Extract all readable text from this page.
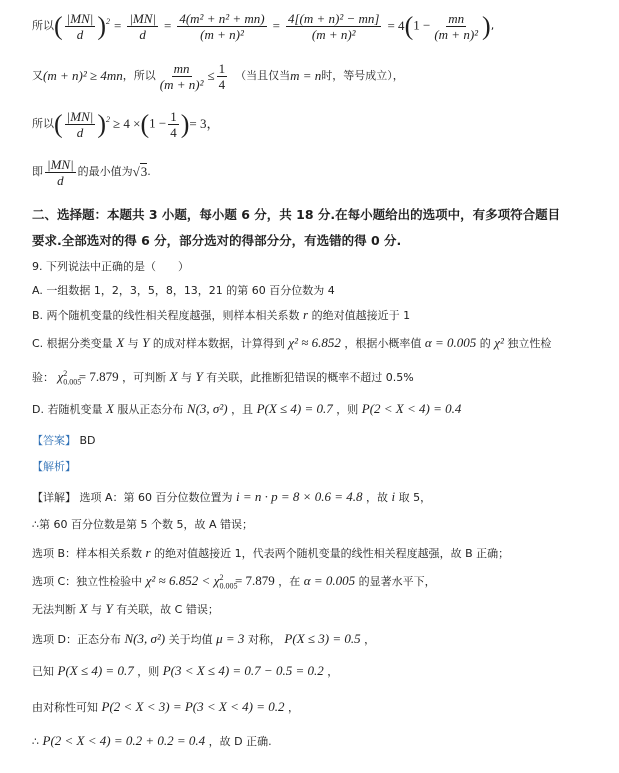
所以 ( $\frac{|MN|}{d} )^2 = \frac{|MN|}{d} = \frac{\text{4(m² + n² + mn)}}{\text{(m + n)²}} = \frac{\text{4[(m + n)² − mn]}}{\text{(m + n)²}} = 4$ ($1 - \frac{mn}{\text{(m + n)²}}$ ) ,
又 (m + n)² ≥ 4mn ，所以 $\frac{mn}{\text{(m + n)²}} \le \frac{1}{4}$ （当且仅当 m = n 时，等号成立），
所以 ( $\frac{|MN|}{d} )^2 \ge 4 \times (1 - \frac{1}{4}$ ) = 3，
即 $\frac{|MN|}{d}$ 的最小值为 √3 .
二、选择题：本题共 3 小题，每小题 6 分，共 18 分.在每小题给出的选项中，有多项符合题目
要求.全部选对的得 6 分，部分选对的得部分分，有选错的得 0 分.
9. 下列说法中正确的是（　　）
A. 一组数据 1，2，3，5，8，13，21 的第 60 百分位数为 4
B. 两个随机变量的线性相关程度越强，则样本相关系数 r 的绝对值越接近于 1
C. 根据分类变量 X 与 Y 的成对样本数据，计算得到 χ² ≈ 6.852 ，根据小概率值 α = 0.005 的 χ² 独立性检
验： $\chi_{0.005}^2 = 7.879$ ，可判断 X 与 Y 有关联，此推断犯错误的概率不超过 0.5%
D. 若随机变量 X 服从正态分布 N(3, σ²) ，且 P(X ≤ 4) = 0.7 ，则 P(2 < X < 4) = 0.4
【答案】 BD
【解析】
【详解】 选项 A：第 60 百分位数位置为 i = n · p = 8 × 0.6 = 4.8 ，故 i 取 5，
∴第 60 百分位数是第 5 个数 5，故 A 错误；
选项 B：样本相关系数 r 的绝对值越接近 1，代表两个随机变量的线性相关程度越强，故 B 正确；
选项 C：独立性检验中 $\chi^2 \approx 6.852 < \chi_{0.005}^2 = 7.879$ ，在 α = 0.005 的显著水平下，
无法判断 X 与 Y 有关联，故 C 错误；
选项 D：正态分布 N(3, σ²) 关于均值 μ = 3 对称， P(X ≤ 3) = 0.5 ，
已知 P(X ≤ 4) = 0.7 ，则 P(3 < X ≤ 4) = 0.7 − 0.5 = 0.2 ，
由对称性可知 P(2 < X < 3) = P(3 < X < 4) = 0.2 ，
∴ P(2 < X < 4) = 0.2 + 0.2 = 0.4 ，故 D 正确.
